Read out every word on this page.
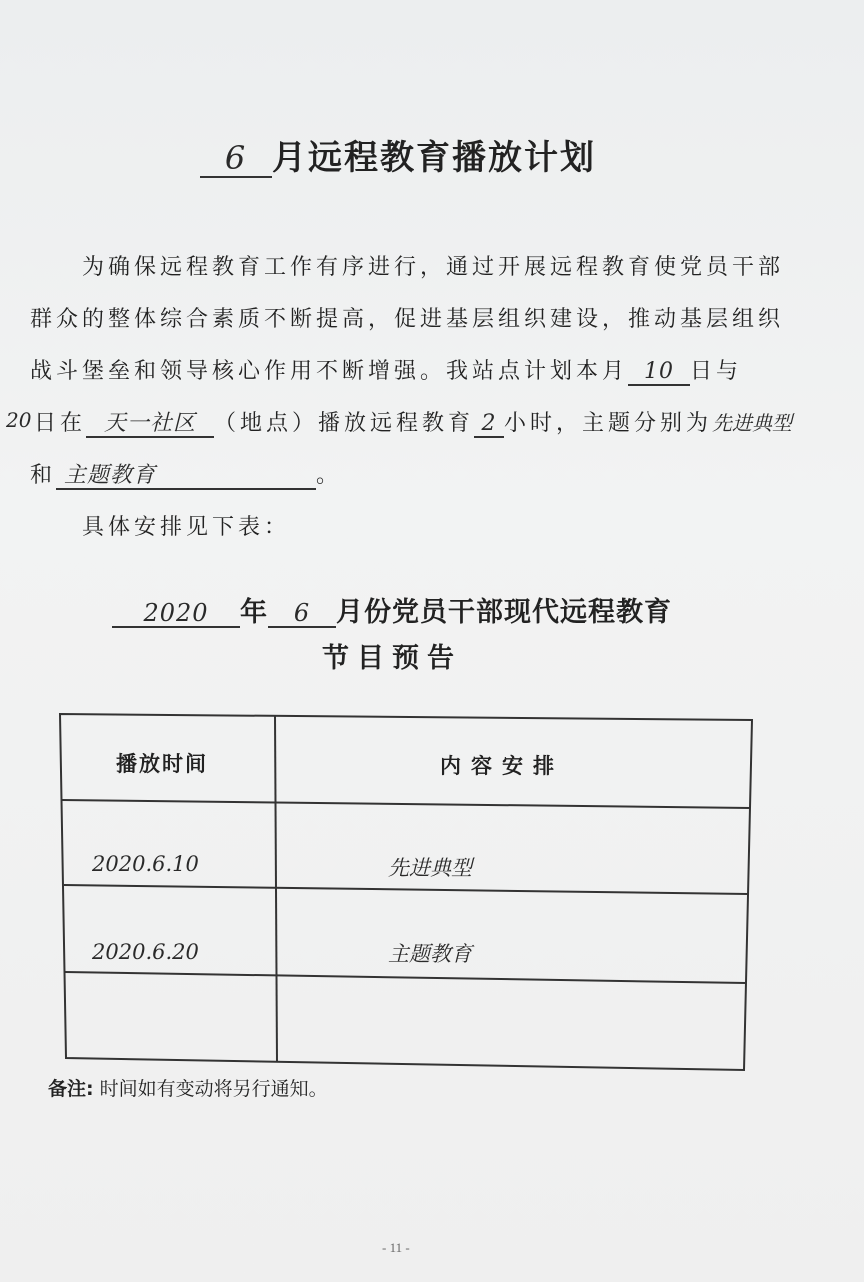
6 月远程教育播放计划
为确保远程教育工作有序进行，通过开展远程教育使党员干部
群众的整体综合素质不断提高，促进基层组织建设，推动基层组织
战斗堡垒和领导核心作用不断增强。我站点计划本月 10 日与
20 日在 天一社区 （地点）播放远程教育 2 小时，主题分别为先进典型
和 主题教育	。
具体安排见下表：
2020 年 6 月份党员干部现代远程教育
节目预告
播放时间	内容安排
2020.6.10	先进典型
2020.6.20	主题教育
备注: 时间如有变动将另行通知。
- 11 -
